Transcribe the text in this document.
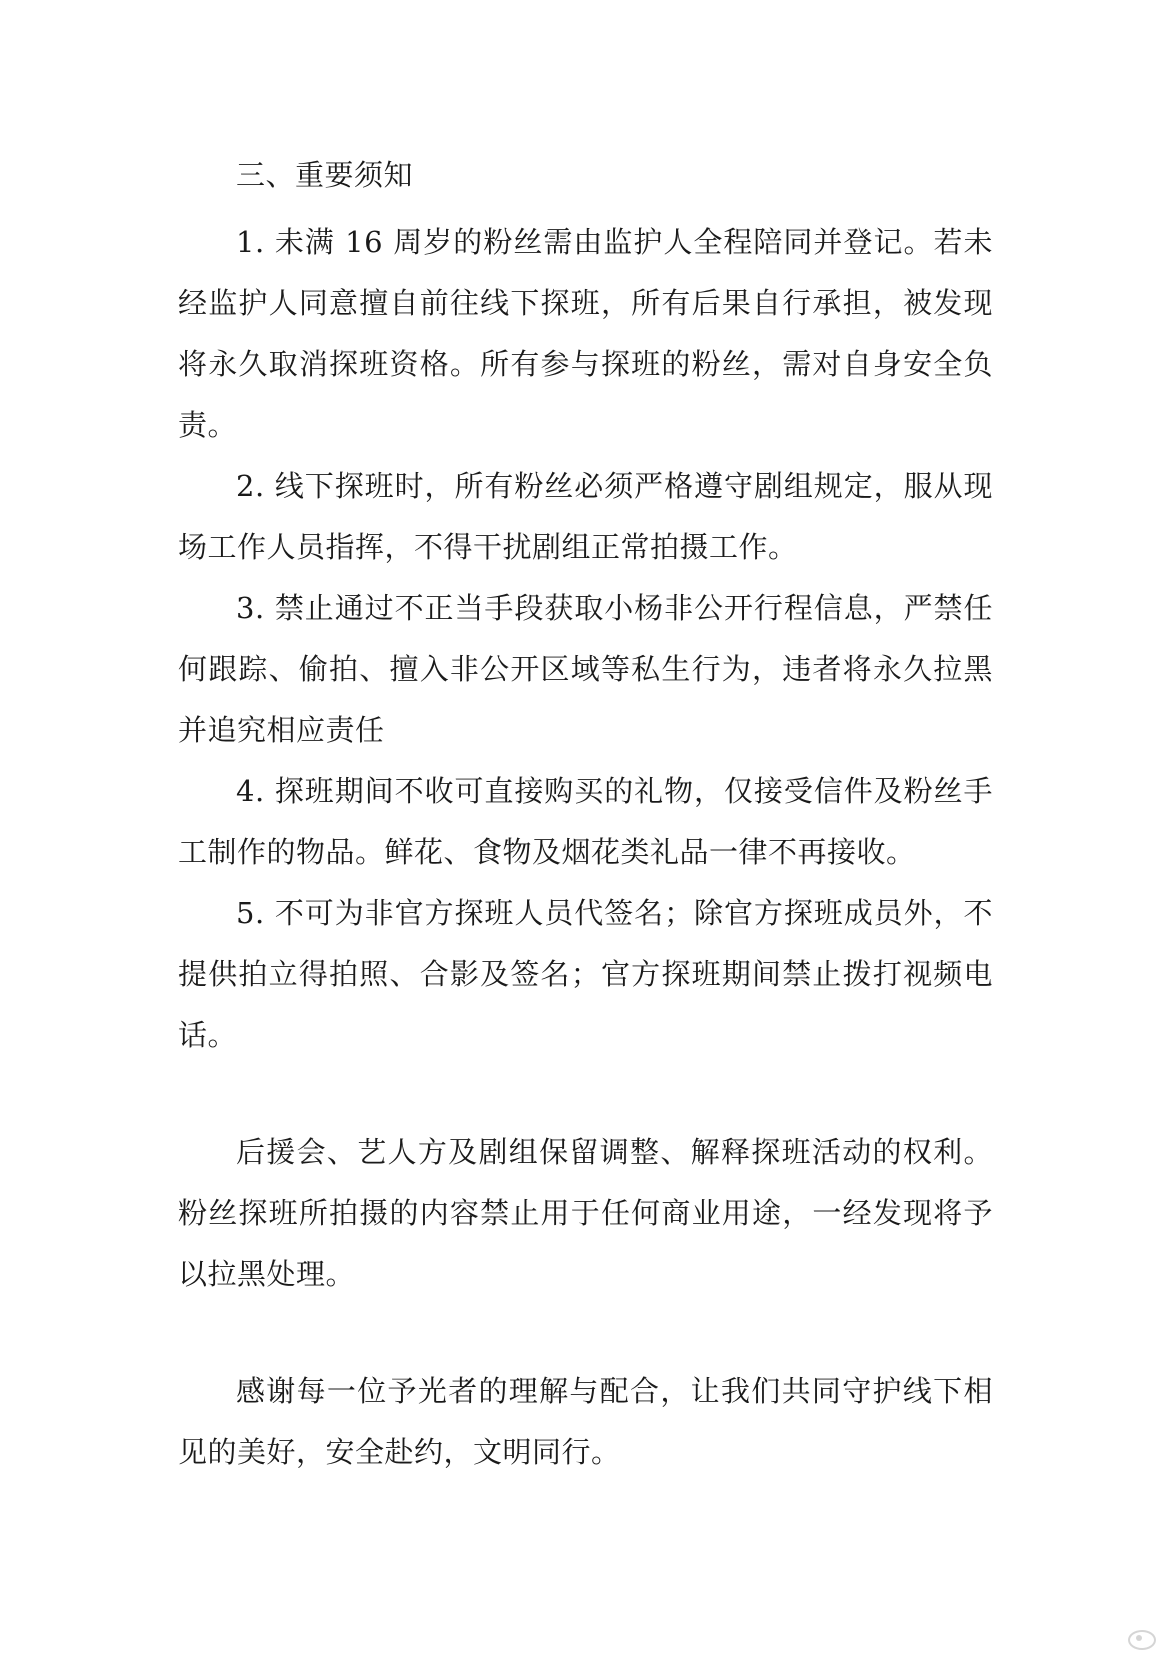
三、重要须知

1. 未满 16 周岁的粉丝需由监护人全程陪同并登记。若未经监护人同意擅自前往线下探班，所有后果自行承担，被发现将永久取消探班资格。所有参与探班的粉丝，需对自身安全负责。

2. 线下探班时，所有粉丝必须严格遵守剧组规定，服从现场工作人员指挥，不得干扰剧组正常拍摄工作。

3. 禁止通过不正当手段获取小杨非公开行程信息，严禁任何跟踪、偷拍、擅入非公开区域等私生行为，违者将永久拉黑并追究相应责任

4. 探班期间不收可直接购买的礼物，仅接受信件及粉丝手工制作的物品。鲜花、食物及烟花类礼品一律不再接收。

5. 不可为非官方探班人员代签名；除官方探班成员外，不提供拍立得拍照、合影及签名；官方探班期间禁止拨打视频电话。

后援会、艺人方及剧组保留调整、解释探班活动的权利。粉丝探班所拍摄的内容禁止用于任何商业用途，一经发现将予以拉黑处理。

感谢每一位予光者的理解与配合，让我们共同守护线下相见的美好，安全赴约，文明同行。
